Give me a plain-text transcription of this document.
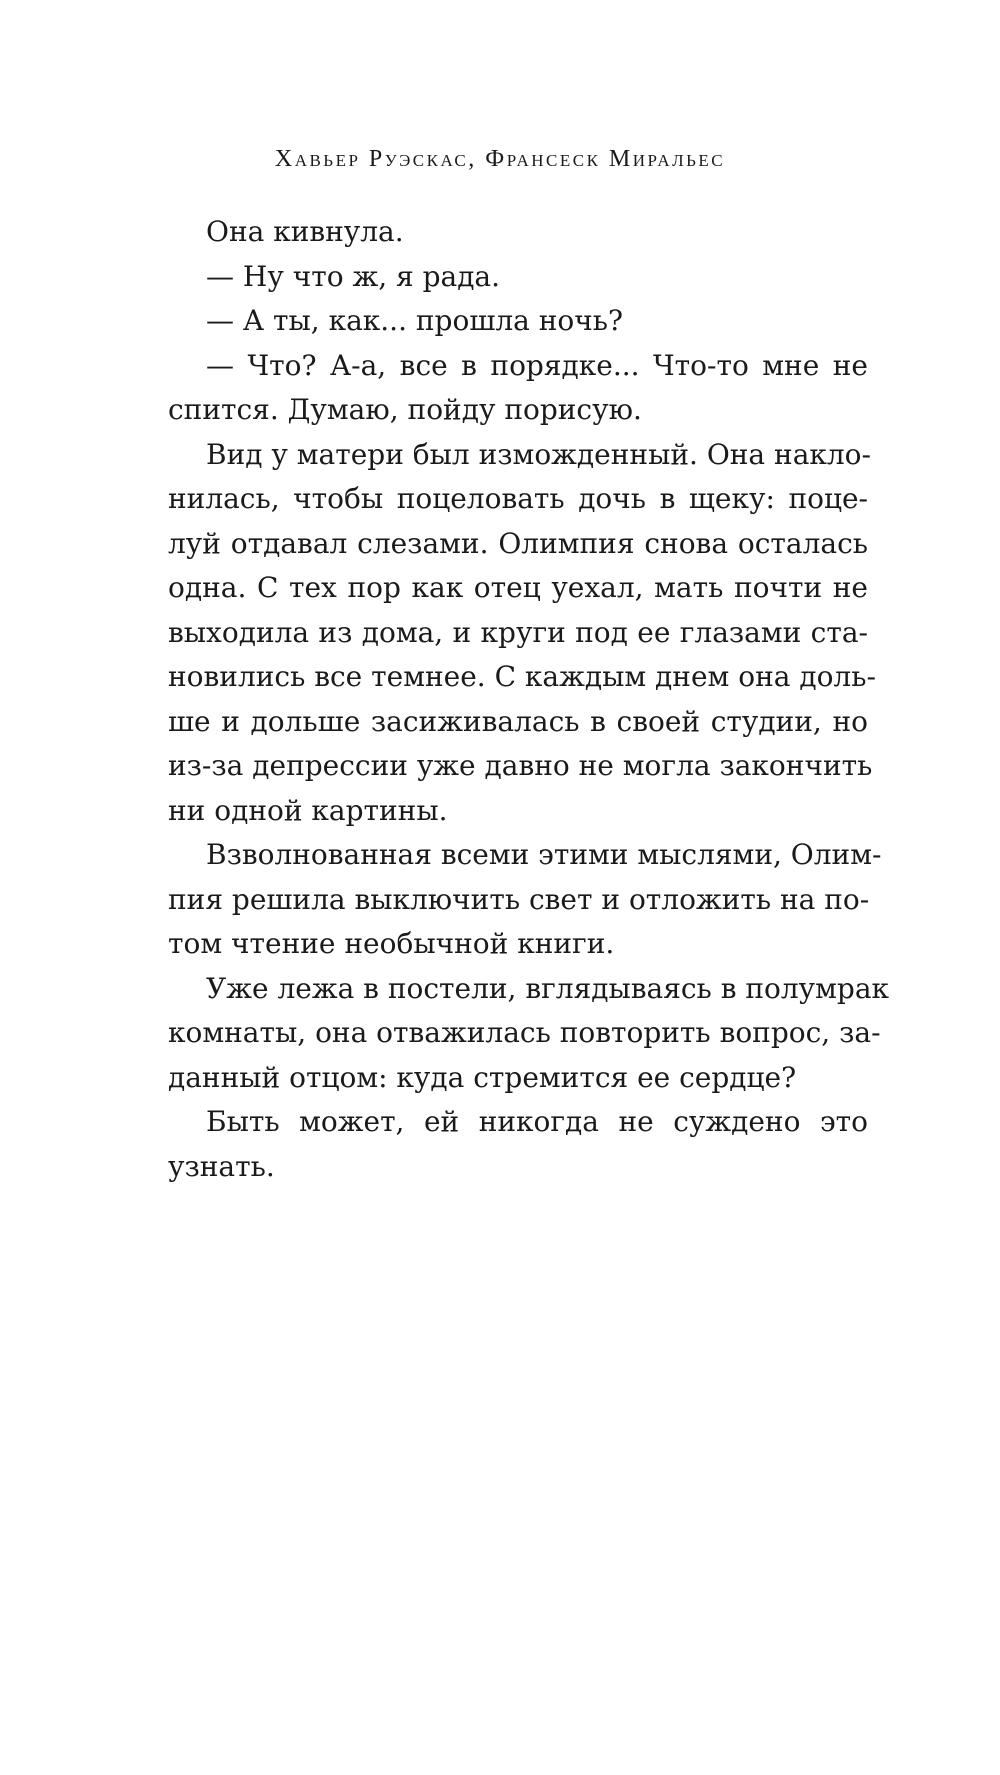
Хавьер Руэскас, Франсеск Миральес
Она кивнула.
— Ну что ж, я рада.
— А ты, как... прошла ночь?
— Что? А-а, все в порядке... Что-то мне не
спится. Думаю, пойду порисую.
Вид у матери был изможденный. Она накло-
нилась, чтобы поцеловать дочь в щеку: поце-
луй отдавал слезами. Олимпия снова осталась
одна. С тех пор как отец уехал, мать почти не
выходила из дома, и круги под ее глазами ста-
новились все темнее. С каждым днем она доль-
ше и дольше засиживалась в своей студии, но
из-за депрессии уже давно не могла закончить
ни одной картины.
Взволнованная всеми этими мыслями, Олим-
пия решила выключить свет и отложить на по-
том чтение необычной книги.
Уже лежа в постели, вглядываясь в полумрак
комнаты, она отважилась повторить вопрос, за-
данный отцом: куда стремится ее сердце?
Быть может, ей никогда не суждено это
узнать.
